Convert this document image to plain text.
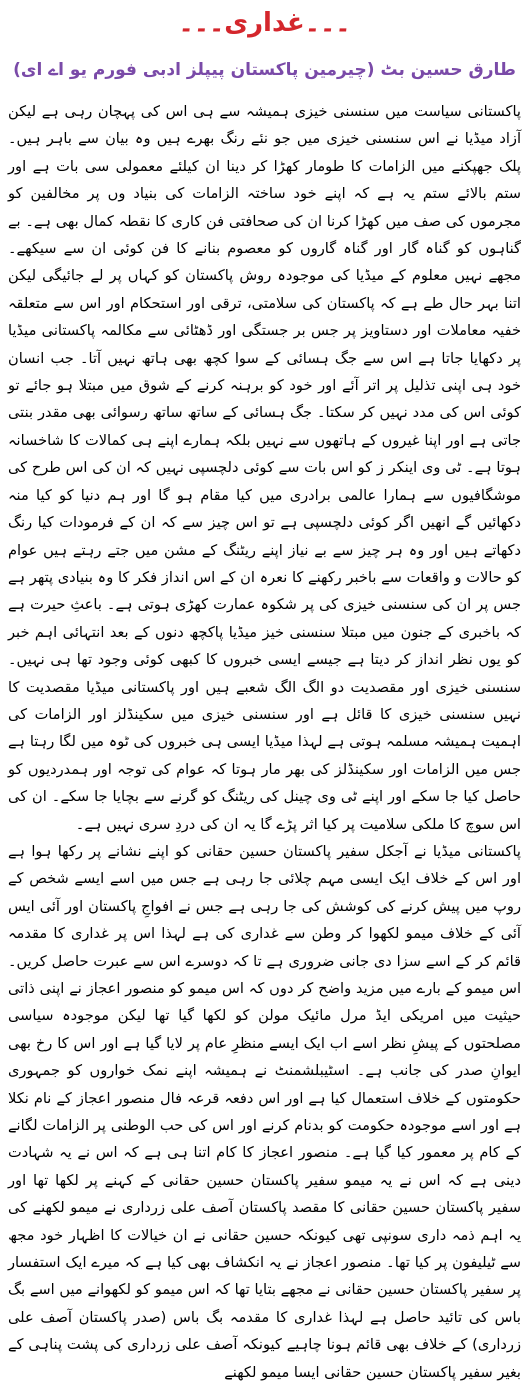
۔۔۔غداری۔۔۔
طارق حسین بٹ (چیرمین پاکستان پیپلز ادبی فورم یو اے ای)

پاکستانی سیاست میں سنسنی خیزی ہمیشہ سے ہی اس کی پہچان رہی ہے لیکن آزاد میڈیا نے اس سنسنی خیزی میں جو نئے رنگ بھرے ہیں وہ بیان سے باہر ہیں۔ پلک جھپکنے میں الزامات کا طومار کھڑا کر دینا ان کیلئے معمولی سی بات ہے اور ستم بالائے ستم یہ ہے کہ اپنے خود ساختہ الزامات کی بنیاد وں پر مخالفین کو مجرموں کی صف میں کھڑا کرنا ان کی صحافتی فن کاری کا نقطہ کمال بھی ہے۔ بے گناہوں کو گناہ گار اور گناہ گاروں کو معصوم بنانے کا فن کوئی ان سے سیکھے۔ مجھے نہیں معلوم کے میڈیا کی موجودہ روش پاکستان کو کہاں پر لے جائیگی لیکن اتنا بہر حال طے ہے کہ پاکستان کی سلامتی، ترقی اور استحکام اور اس سے متعلقہ خفیہ معاملات اور دستاویز پر جس بر جستگی اور ڈھٹائی سے مکالمہ پاکستانی میڈیا پر دکھایا جاتا ہے اس سے جگ ہسائی کے سوا کچھ بھی ہاتھ نہیں آتا۔ جب انسان خود ہی اپنی تذلیل پر اتر آئے اور خود کو برہنہ کرنے کے شوق میں مبتلا ہو جائے تو کوئی اس کی مدد نہیں کر سکتا۔ جگ ہسائی کے ساتھ ساتھ رسوائی بھی مقدر بنتی جاتی ہے اور اپنا غیروں کے ہاتھوں سے نہیں بلکہ ہمارے اپنے ہی کمالات کا شاخسانہ ہوتا ہے۔ ٹی وی اینکر ز کو اس بات سے کوئی دلچسپی نہیں کہ ان کی اس طرح کی موشگافیوں سے ہمارا عالمی برادری میں کیا مقام ہو گا اور ہم دنیا کو کیا منہ دکھائیں گے انھیں اگر کوئی دلچسپی ہے تو اس چیز سے کہ ان کے فرمودات کیا رنگ دکھاتے ہیں اور وہ ہر چیز سے بے نیاز اپنے ریٹنگ کے مشن میں جتے رہتے ہیں عوام کو حالات و واقعات سے باخبر رکھنے کا نعرہ ان کے اس انداز فکر کا وہ بنیادی پتھر ہے جس پر ان کی سنسنی خیزی کی پر شکوہ عمارت کھڑی ہوتی ہے۔ باعثِ حیرت ہے کہ باخبری کے جنون میں مبتلا سنسنی خیز میڈیا پاکچھ دنوں کے بعد انتہائی اہم خبر کو یوں نظر انداز کر دیتا ہے جیسے ایسی خبروں کا کبھی کوئی وجود تھا ہی نہیں۔ سنسنی خیزی اور مقصدیت دو الگ الگ شعبے ہیں اور پاکستانی میڈیا مقصدیت کا نہیں سنسنی خیزی کا قائل ہے اور سنسنی خیزی میں سکینڈلز اور الزامات کی اہمیت ہمیشہ مسلمہ ہوتی ہے لہذا میڈیا ایسی ہی خبروں کی ٹوہ میں لگا رہتا ہے جس میں الزامات اور سکینڈلز کی بھر مار ہوتا کہ عوام کی توجہ اور ہمدردیوں کو حاصل کیا جا سکے اور اپنے ٹی وی چینل کی ریٹنگ کو گرنے سے بچایا جا سکے۔ ان کی اس سوچ کا ملکی سلامیت پر کیا اثر پڑے گا یہ ان کی دردِ سری نہیں ہے۔

پاکستانی میڈیا نے آجکل سفیر پاکستان حسین حقانی کو اپنے نشانے پر رکھا ہوا ہے اور اس کے خلاف ایک ایسی مہم چلائی جا رہی ہے جس میں اسے ایسے شخص کے روپ میں پیش کرنے کی کوشش کی جا رہی ہے جس نے افواجِ پاکستان اور آئی ایس آئی کے خلاف میمو لکھوا کر وطن سے غداری کی ہے لہذا اس پر غداری کا مقدمہ قائم کر کے اسے سزا دی جانی ضروری ہے تا کہ دوسرے اس سے عبرت حاصل کریں۔ اس میمو کے بارے میں مزید واضح کر دوں کہ اس میمو کو منصور اعجاز نے اپنی ذاتی حیثیت میں امریکی ایڈ مرل مائیک مولن کو لکھا گیا تھا لیکن موجودہ سیاسی مصلحتوں کے پیشِ نظر اسے اب ایک ایسے منظرِ عام پر لایا گیا ہے اور اس کا رخ بھی ایوانِ صدر کی جانب ہے۔ اسٹیبلشمنٹ نے ہمیشہ اپنے نمک خواروں کو جمہوری حکومتوں کے خلاف استعمال کیا ہے اور اس دفعہ قرعہ فال منصور اعجاز کے نام نکلا ہے اور اسے موجودہ حکومت کو بدنام کرنے اور اس کی حب الوطنی پر الزامات لگانے کے کام پر معمور کیا گیا ہے۔ منصور اعجاز کا کام اتنا ہی ہے کہ اس نے یہ شہادت دینی ہے کہ اس نے یہ میمو سفیر پاکستان حسین حقانی کے کہنے پر لکھا تھا اور سفیر پاکستان حسین حقانی کا مقصد پاکستان آصف علی زرداری نے میمو لکھنے کی یہ اہم ذمہ داری سونپی تھی کیونکہ حسین حقانی نے ان خیالات کا اظہار خود مجھ سے ٹیلیفون پر کیا تھا۔ منصور اعجاز نے یہ انکشاف بھی کیا ہے کہ میرے ایک استفسار پر سفیر پاکستان حسین حقانی نے مجھے بتایا تھا کہ اس میمو کو لکھوانے میں اسے بگ باس کی تائید حاصل ہے لہذا غداری کا مقدمہ بگ باس (صدر پاکستان آصف علی زرداری) کے خلاف بھی قائم ہونا چاہیے کیونکہ آصف علی زرداری کی پشت پناہی کے بغیر سفیر پاکستان حسین حقانی ایسا میمو لکھنے
